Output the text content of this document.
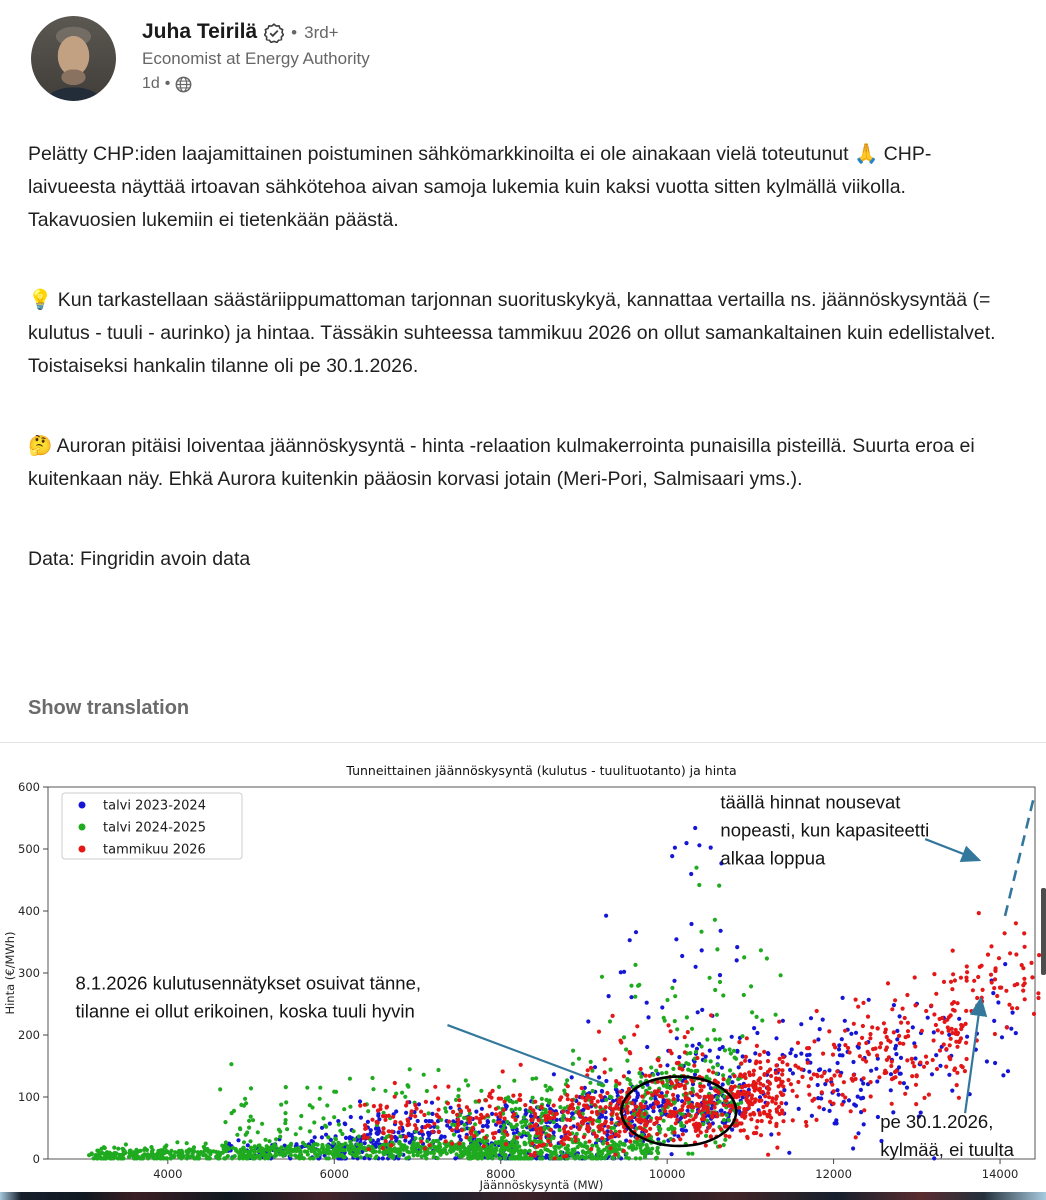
Juha Teirilä • 3rd+
Economist at Energy Authority
1d •

Pelätty CHP:iden laajamittainen poistuminen sähkömarkkinoilta ei ole ainakaan vielä toteutunut 🙏 CHP-laivueesta näyttää irtoavan sähkötehoa aivan samoja lukemia kuin kaksi vuotta sitten kylmällä viikolla. Takavuosien lukemiin ei tietenkään päästä.

💡 Kun tarkastellaan säästäriippumattoman tarjonnan suorituskykyä, kannattaa vertailla ns. jäännöskysyntää (= kulutus - tuuli - aurinko) ja hintaa. Tässäkin suhteessa tammikuu 2026 on ollut samankaltainen kuin edellistalvet. Toistaiseksi hankalin tilanne oli pe 30.1.2026.

🤔 Auroran pitäisi loiventaa jäännöskysyntä - hinta -relaation kulmakerrointa punaisilla pisteillä. Suurta eroa ei kuitenkaan näy. Ehkä Aurora kuitenkin pääosin korvasi jotain (Meri-Pori, Salmisaari yms.).

Data: Fingridin avoin data

Show translation
Tunneittainen jäännöskysyntä (kulutus - tuulituotanto) ja hinta
Jäännöskysyntä (MW)
Hinta (€/MWh)
4000	6000	8000	10000	12000	14000
0
100
200
300
400
500
600
täällä hinnat nousevat
nopeasti, kun kapasiteetti
alkaa loppua
8.1.2026 kulutusennätykset osuivat tänne,
tilanne ei ollut erikoinen, koska tuuli hyvin
pe 30.1.2026,
kylmää, ei tuulta
talvi 2023-2024
talvi 2024-2025
tammikuu 2026
